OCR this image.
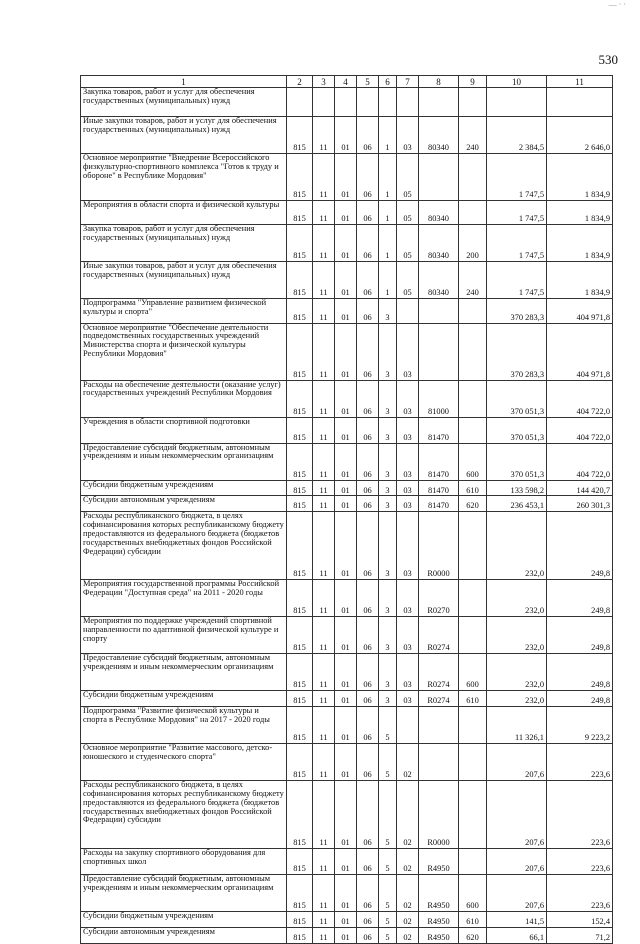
— · ·
530
1	2	3	4	5	6	7	8	9	10	11
Закупка товаров, работ и услуг для обеспечения государственных (муниципальных) нужд										
Иные закупки товаров, работ и услуг для обеспечения государственных (муниципальных) нужд	815	11	01	06	1	03	80340	240	2 384,5	2 646,0
Основное мероприятие "Внедрение Всероссийского физкультурно-спортивного комплекса "Готов к труду и обороне" в Республике Мордовия"	815	11	01	06	1	05			1 747,5	1 834,9
Мероприятия в области спорта и физической культуры	815	11	01	06	1	05	80340		1 747,5	1 834,9
Закупка товаров, работ и услуг для обеспечения государственных (муниципальных) нужд	815	11	01	06	1	05	80340	200	1 747,5	1 834,9
Иные закупки товаров, работ и услуг для обеспечения государственных (муниципальных) нужд	815	11	01	06	1	05	80340	240	1 747,5	1 834,9
Подпрограмма "Управление развитием физической культуры и спорта"	815	11	01	06	3				370 283,3	404 971,8
Основное мероприятие "Обеспечение деятельности подведомственных государственных учреждений Министерства спорта и физической культуры Республики Мордовия"	815	11	01	06	3	03			370 283,3	404 971,8
Расходы на обеспечение деятельности (оказание услуг) государственных учреждений Республики Мордовия	815	11	01	06	3	03	81000		370 051,3	404 722,0
Учреждения в области спортивной подготовки	815	11	01	06	3	03	81470		370 051,3	404 722,0
Предоставление субсидий бюджетным, автономным учреждениям и иным некоммерческим организациям	815	11	01	06	3	03	81470	600	370 051,3	404 722,0
Субсидии бюджетным учреждениям	815	11	01	06	3	03	81470	610	133 598,2	144 420,7
Субсидии автономным учреждениям	815	11	01	06	3	03	81470	620	236 453,1	260 301,3
Расходы республиканского бюджета, в целях софинансирования которых республиканскому бюджету предоставляются из федерального бюджета (бюджетов государственных внебюджетных фондов Российской Федерации) субсидии	815	11	01	06	3	03	R0000		232,0	249,8
Мероприятия государственной программы Российской Федерации "Доступная среда" на 2011 - 2020 годы	815	11	01	06	3	03	R0270		232,0	249,8
Мероприятия по поддержке учреждений спортивной направленности по адаптивной физической культуре и спорту	815	11	01	06	3	03	R0274		232,0	249,8
Предоставление субсидий бюджетным, автономным учреждениям и иным некоммерческим организациям	815	11	01	06	3	03	R0274	600	232,0	249,8
Субсидии бюджетным учреждениям	815	11	01	06	3	03	R0274	610	232,0	249,8
Подпрограмма "Развитие физической культуры и спорта в Республике Мордовия" на 2017 - 2020 годы	815	11	01	06	5				11 326,1	9 223,2
Основное мероприятие "Развитие массового, детско-юношеского и студенческого спорта"	815	11	01	06	5	02			207,6	223,6
Расходы республиканского бюджета, в целях софинансирования которых республиканскому бюджету предоставляются из федерального бюджета (бюджетов государственных внебюджетных фондов Российской Федерации) субсидии	815	11	01	06	5	02	R0000		207,6	223,6
Расходы на закупку спортивного оборудования для спортивных школ	815	11	01	06	5	02	R4950		207,6	223,6
Предоставление субсидий бюджетным, автономным учреждениям и иным некоммерческим организациям	815	11	01	06	5	02	R4950	600	207,6	223,6
Субсидии бюджетным учреждениям	815	11	01	06	5	02	R4950	610	141,5	152,4
Субсидии автономным учреждениям	815	11	01	06	5	02	R4950	620	66,1	71,2
